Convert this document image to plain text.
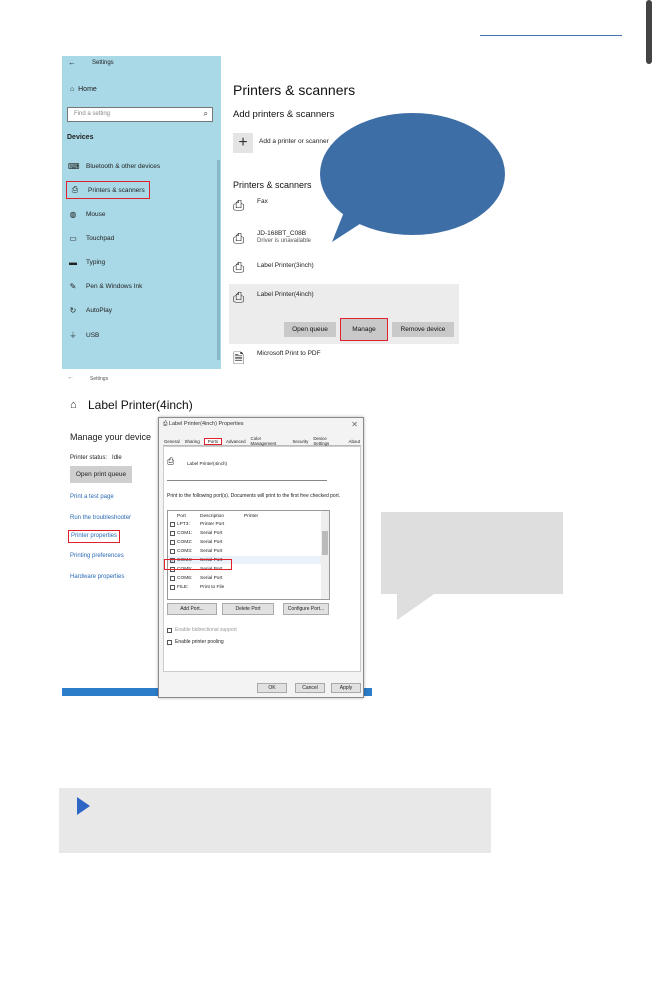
←	Settings
⌂ Home
Find a setting	⌕
Devices
⌨ Bluetooth & other devices
⎙ Printers & scanners
◍ Mouse
▭ Touchpad
▬ Typing
✎ Pen & Windows Ink
↻ AutoPlay
⏚ USB
Printers & scanners
Add printers & scanners
+	Add a printer or scanner
Printers & scanners
⎙ Fax
⎙ JD-168BT_C08B
Driver is unavailable
⎙ Label Printer(3inch)
⎙ Label Printer(4inch)
Open queue	Manage	Remove device
🗎 Microsoft Print to PDF
←	Settings
⌂ Label Printer(4inch)
Manage your device
Printer status: Idle
Open print queue
Print a test page
Run the troubleshooter
Printer properties
Printing preferences
Hardware properties
⎙ Label Printer(4inch) Properties	✕
General Sharing	Ports	Advanced Color Management	Security Device Settings	About
⎙	Label Printer(4inch)
Print to the following port(s). Documents will print to the first free checked port.
Port	Description	Printer
LPT3:	Printer Port
COM1:	Serial Port
COM2:	Serial Port
COM3:	Serial Port
✓ COM4:	Serial Port
COM5:	Serial Port
COM6:	Serial Port
FILE:	Print to File
Add Port...	Delete Port	Configure Port...
Enable bidirectional support
Enable printer pooling
OK	Cancel	Apply
